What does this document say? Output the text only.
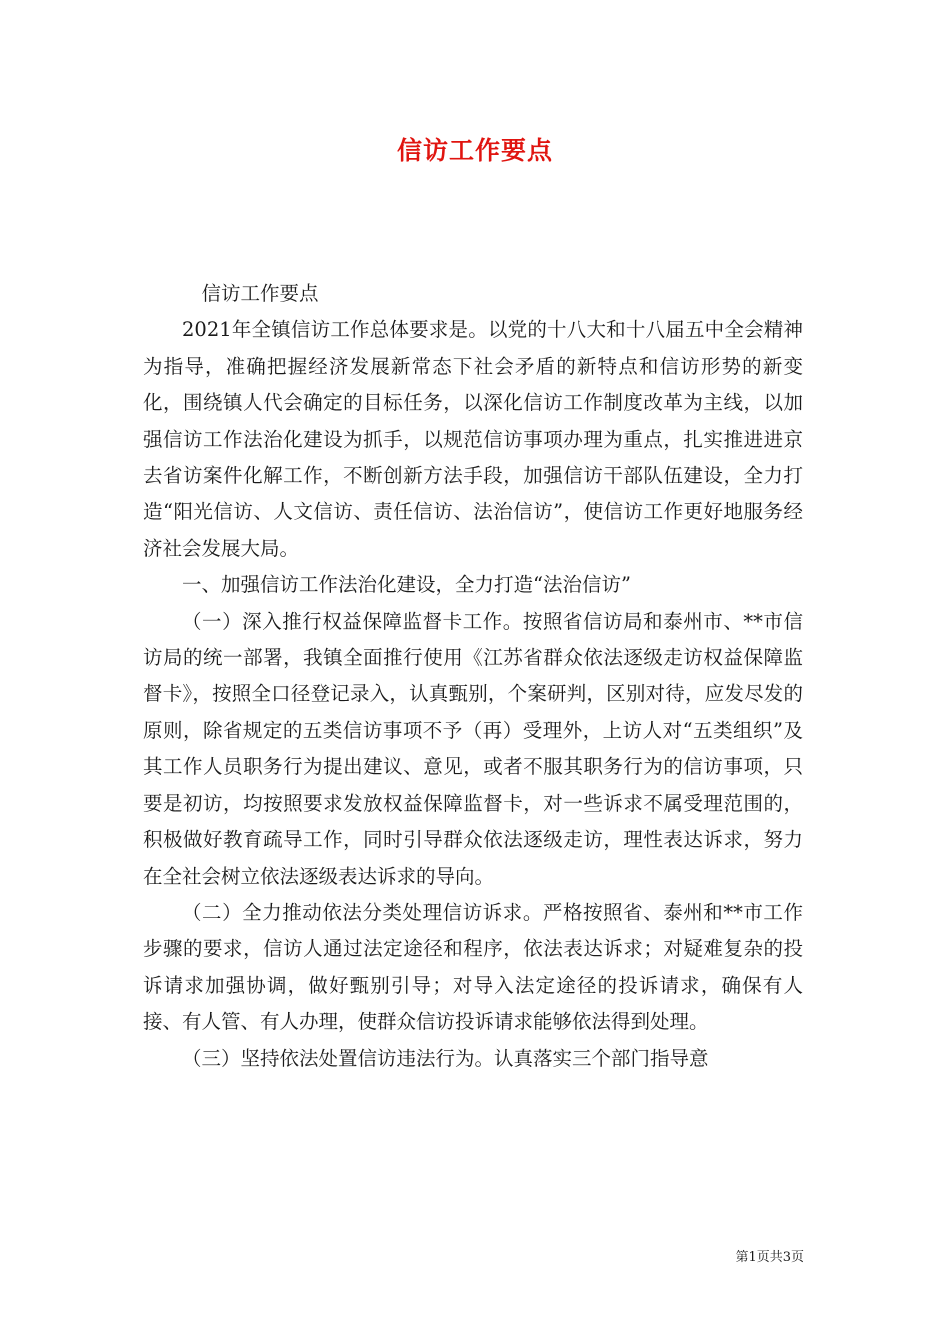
信访工作要点

信访工作要点

2021年全镇信访工作总体要求是。以党的十八大和十八届五中全会精神为指导，准确把握经济发展新常态下社会矛盾的新特点和信访形势的新变化，围绕镇人代会确定的目标任务，以深化信访工作制度改革为主线，以加强信访工作法治化建设为抓手，以规范信访事项办理为重点，扎实推进进京去省访案件化解工作，不断创新方法手段，加强信访干部队伍建设，全力打造“阳光信访、人文信访、责任信访、法治信访”，使信访工作更好地服务经济社会发展大局。

一、加强信访工作法治化建设，全力打造“法治信访”

（一）深入推行权益保障监督卡工作。按照省信访局和泰州市、**市信访局的统一部署，我镇全面推行使用《江苏省群众依法逐级走访权益保障监督卡》，按照全口径登记录入，认真甄别，个案研判，区别对待，应发尽发的原则，除省规定的五类信访事项不予（再）受理外，上访人对“五类组织”及其工作人员职务行为提出建议、意见，或者不服其职务行为的信访事项，只要是初访，均按照要求发放权益保障监督卡，对一些诉求不属受理范围的，积极做好教育疏导工作，同时引导群众依法逐级走访，理性表达诉求，努力在全社会树立依法逐级表达诉求的导向。

（二）全力推动依法分类处理信访诉求。严格按照省、泰州和**市工作步骤的要求，信访人通过法定途径和程序，依法表达诉求；对疑难复杂的投诉请求加强协调，做好甄别引导；对导入法定途径的投诉请求，确保有人接、有人管、有人办理，使群众信访投诉请求能够依法得到处理。

（三）坚持依法处置信访违法行为。认真落实三个部门指导意

第1页共3页
